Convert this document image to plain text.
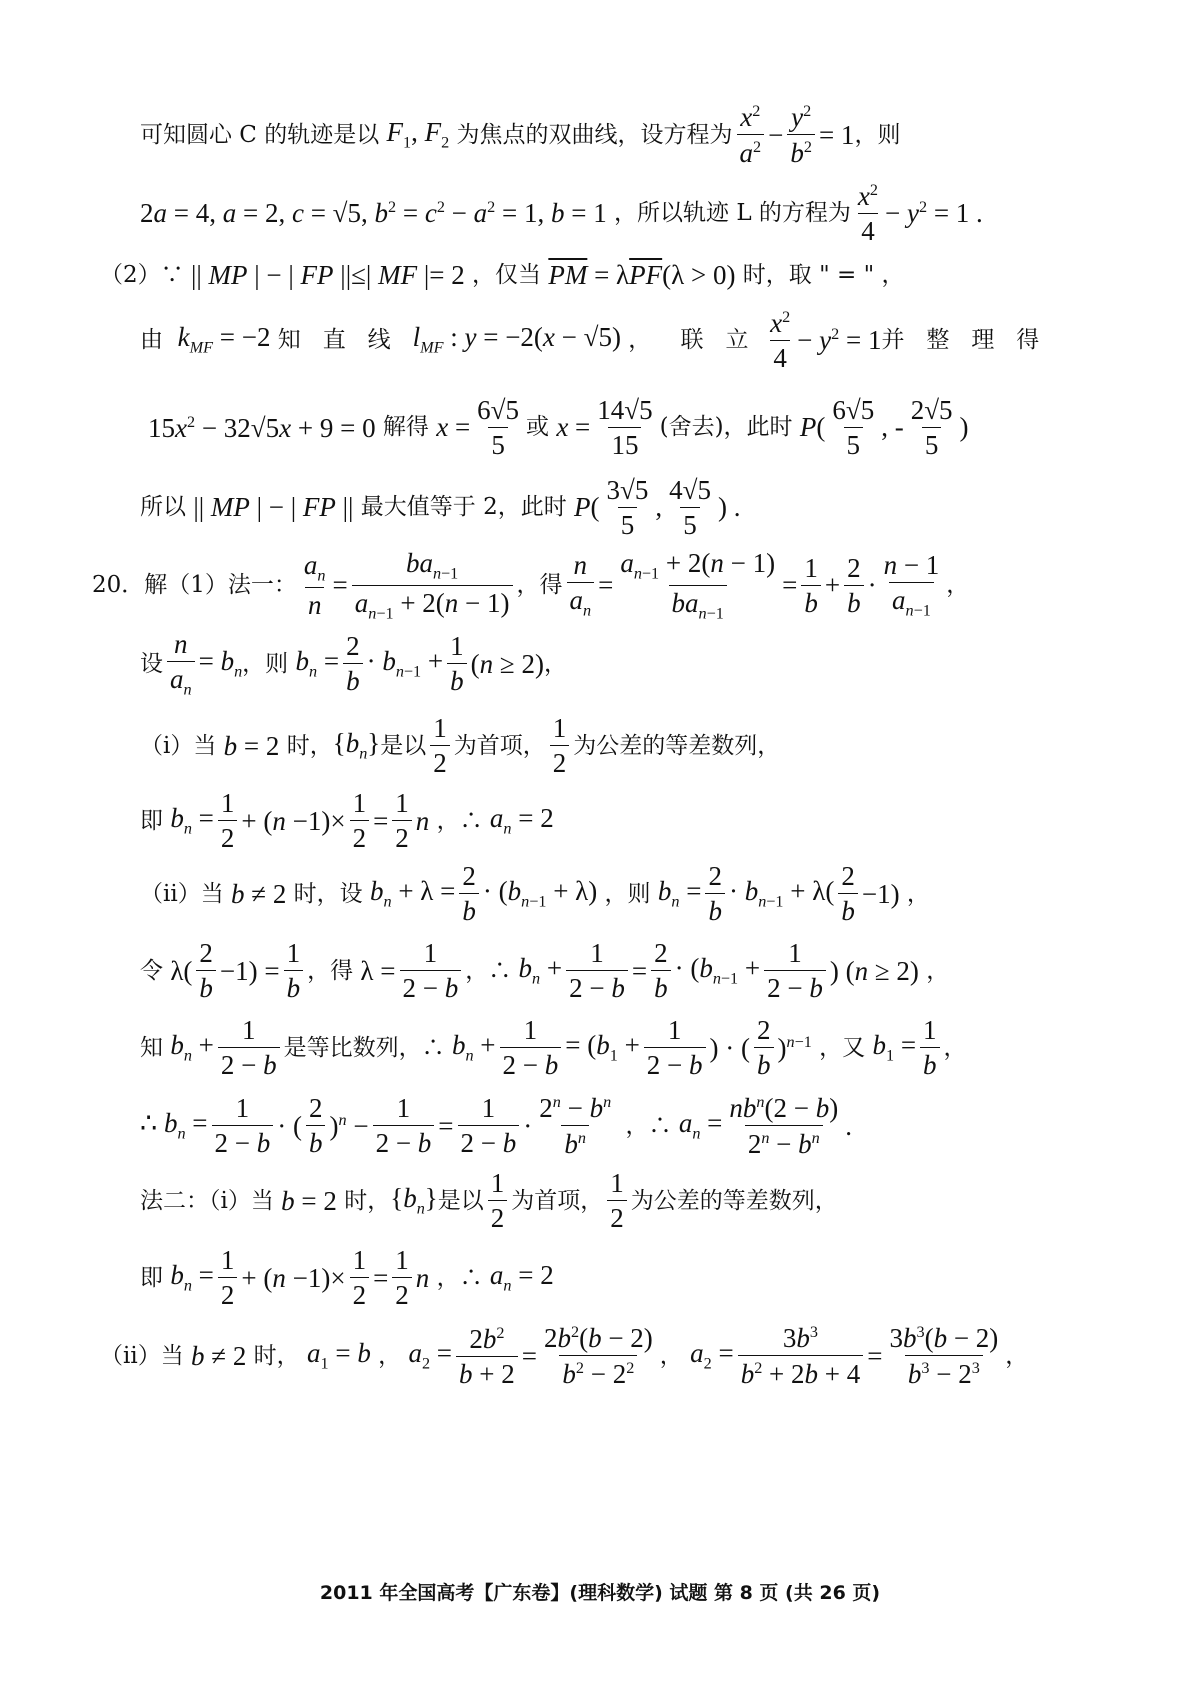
可知圆心 C 的轨迹是以 $F_1$, $F_2$ 为焦点的双曲线，设方程为 $\frac{x^2}{a^2} - \frac{y^2}{b^2} = 1$ ，则
2a = 4, a = 2, c = √5, $b^2 = c^2 - a^2 = 1$, b = 1 ，所以轨迹 L 的方程为 $\frac{x^2}{4} - y^2 = 1$ .
（2）∵ || MP | − | FP ||≤| MF |= 2 ，仅当 $\overline{PM} = \lambda\overline{PF}(\lambda > 0)$ 时，取 " = " ，
由 $k_{MF} = -2$ 知   直   线 $l_{MF}$ : y = −2(x − √5) ，    联   立 $\frac{x^2}{4} - y^2 = 1$ 并   整   理   得
$15x^2 - 32√5x + 9 = 0$ 解得 $x = \frac{6√5}{5}$ 或 $x = \frac{14√5}{15}$ (舍去)，此时 $P( \frac{6√5}{5}$ , - $\frac{2√5}{5}$ )
所以 || MP | − | FP || 最大值等于 2，此时 $P( \frac{3√5}{5}$ , $\frac{4√5}{5}$ ) .
20．解（1）法一： $\frac{a_n}{n} = \frac{ba_{n-1}}{a_{n-1} + 2(n - 1)}$ ，得 $\frac{n}{a_n} = \frac{a_{n-1} + 2(n - 1)}{ba_{n-1}} = \frac{1}{b} + \frac{2}{b} \cdot \frac{n - 1}{a_{n-1}}$ ，
设 $\frac{n}{a_n} = b_n$ ，则 $b_n = \frac{2}{b} \cdot b_{n-1} + \frac{1}{b} (n \ge 2)$ ，
（ⅰ）当 b = 2 时， $\{b_n\}$ 是以 $\frac{1}{2}$ 为首项， $\frac{1}{2}$ 为公差的等差数列，
即 $b_n = \frac{1}{2} + (n -1)\times \frac{1}{2} = \frac{1}{2}$ n ，∴ $a_n = 2$
（ⅱ）当 b ≠ 2 时，设 $b_n + \lambda = \frac{2}{b} \cdot (b_{n-1} + \lambda)$ ，则 $b_n = \frac{2}{b} \cdot b_{n-1} + \lambda( \frac{2}{b} -1)$ ，
令 $\lambda( \frac{2}{b} -1) = \frac{1}{b}$ ，得 $\lambda = \frac{1}{2 - b}$ ，∴ $b_n + \frac{1}{2 - b} = \frac{2}{b} \cdot (b_{n-1} + \frac{1}{2 - b}$ ) (n ≥ 2) ，
知 $b_n + \frac{1}{2 - b}$ 是等比数列，∴ $b_n + \frac{1}{2 - b} = (b_1 + \frac{1}{2 - b}$ ) · ( $\frac{2}{b} )^{n-1}$ ，又 $b_1 = \frac{1}{b}$ ，
∴ $b_n = \frac{1}{2 - b}$ · ( $\frac{2}{b} )^n - \frac{1}{2 - b} = \frac{1}{2 - b} \cdot \frac{2^n - b^n}{b^n}$ ，∴ $a_n = \frac{nb^n(2 - b)}{2^n - b^n}$ .
法二：（ⅰ）当 b = 2 时， $\{b_n\}$ 是以 $\frac{1}{2}$ 为首项， $\frac{1}{2}$ 为公差的等差数列，
即 $b_n = \frac{1}{2} + (n -1)\times \frac{1}{2} = \frac{1}{2}$ n ，∴ $a_n = 2$
（ⅱ）当 b ≠ 2 时， $a_1 = b$ ， $a_2 = \frac{2b^2}{b + 2} = \frac{2b^2(b - 2)}{b^2 - 2^2}$ ， $a_2 = \frac{3b^3}{b^2 + 2b + 4} = \frac{3b^3(b - 2)}{b^3 - 2^3}$ ，
2011 年全国高考【广东卷】(理科数学) 试题 第 8 页 (共 26 页)
